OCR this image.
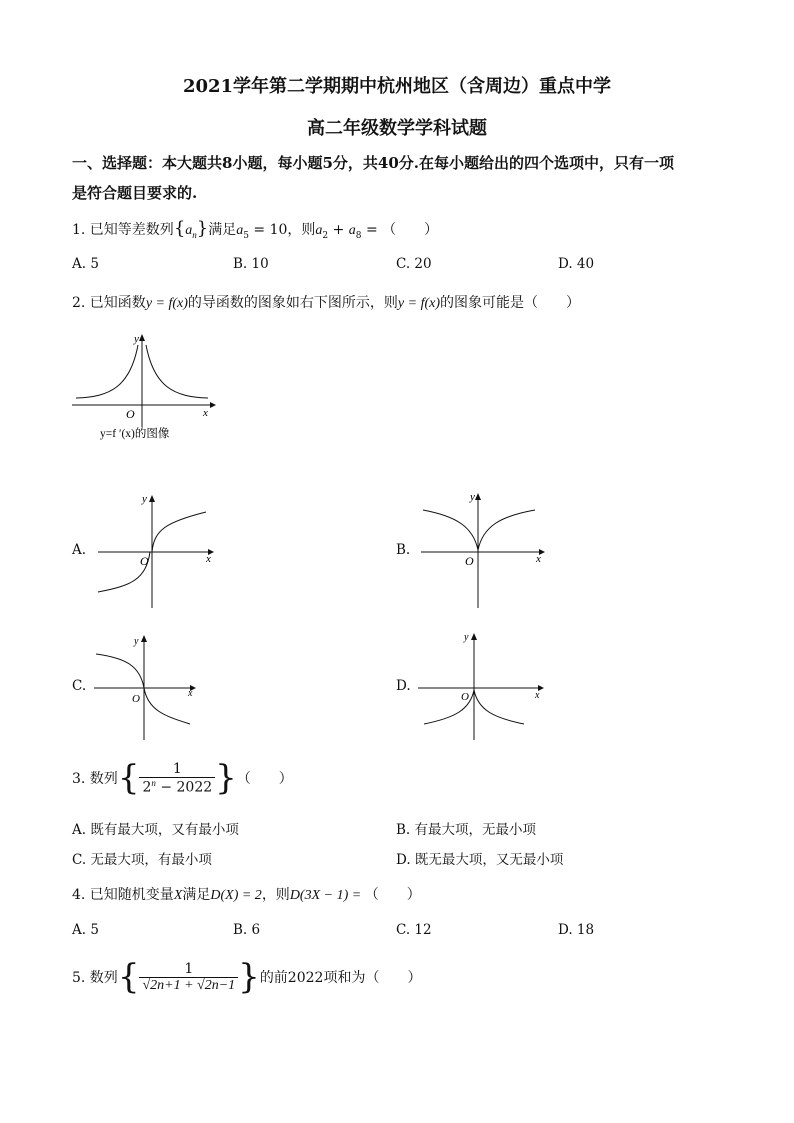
2021学年第二学期期中杭州地区（含周边）重点中学
高二年级数学学科试题
一、选择题：本大题共8小题，每小题5分，共40分.在每小题给出的四个选项中，只有一项
是符合题目要求的.
1. 已知等差数列$\{a_n\}$满足$a_5 = 10$，则$a_2 + a_8$ = （　　）
A. 5	B. 10	C. 20	D. 40
2. 已知函数y = f(x)的导函数的图象如右下图所示，则y = f(x)的图象可能是（　　）
y
x
O
y=f ′(x)的图像
A.
y
x
O
B.
y
x
O
C.
y
x
O
D.
y
x
O
3. 数列 { $\frac{1}{2^n - 2022}$ } （　　）
A. 既有最大项，又有最小项	B. 有最大项，无最小项
C. 无最大项，有最小项	D. 既无最大项，又无最小项
4. 已知随机变量X满足D(X) = 2，则D(3X − 1) = （　　）
A. 5	B. 6	C. 12	D. 18
5. 数列 { $\frac{1}{√2n+1 + √2n-1}$ } 的前2022项和为（　　）
